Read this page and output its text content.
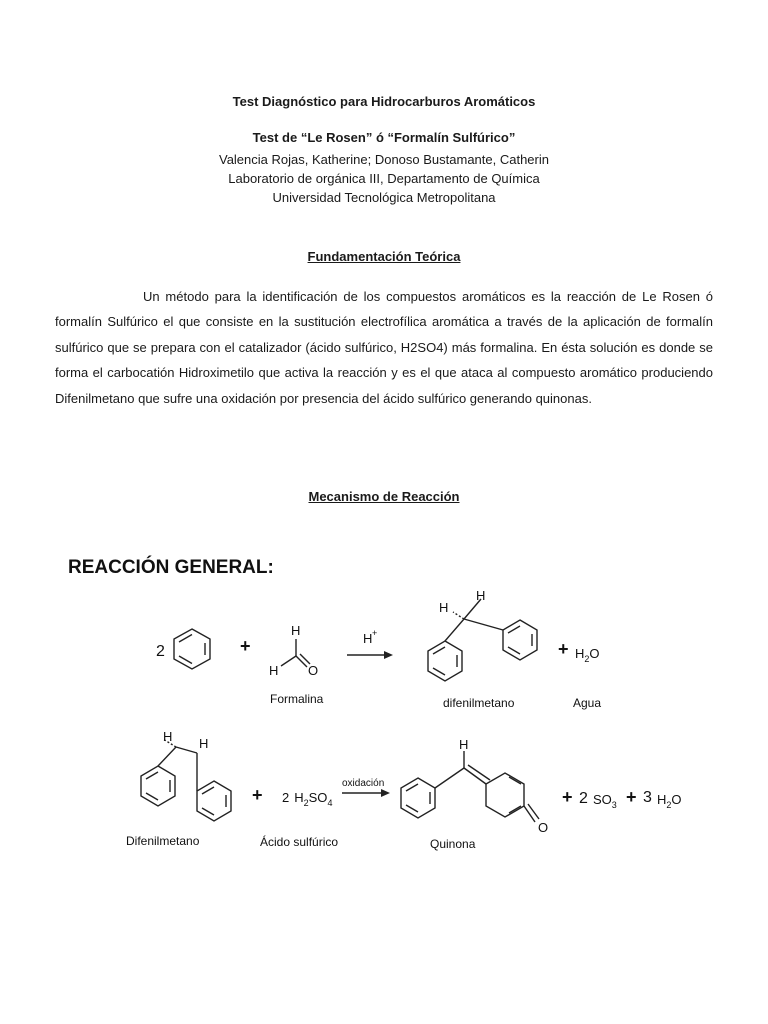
Test Diagnóstico para Hidrocarburos Aromáticos
Test de “Le Rosen” ó “Formalín Sulfúrico”
Valencia Rojas, Katherine; Donoso Bustamante, Catherin
Laboratorio de orgánica III, Departamento de Química
Universidad Tecnológica Metropolitana
Fundamentación Teórica

Un método para la identificación de los compuestos aromáticos es la reacción de Le Rosen ó formalín Sulfúrico el que consiste en la sustitución electrofílica aromática a través de la aplicación de formalín sulfúrico que se prepara con el catalizador (ácido sulfúrico, H2SO4) más formalina. En ésta solución es donde se forma el carbocatión Hidroximetilo que activa la reacción y es el que ataca al compuesto aromático produciendo Difenilmetano que sufre una oxidación por presencia del ácido sulfúrico generando quinonas.

Mecanismo de Reacción
REACCIÓN GENERAL:
2	+
H
H O
Formalina
H +
H
H
difenilmetano
+ $H_2O$
Agua
H H
Difenilmetano
+ 2 $H_2SO_4$
Ácido sulfúrico
oxidación
H
O
Quinona
+ 2 $SO_3 + 3$ $H_2O$
